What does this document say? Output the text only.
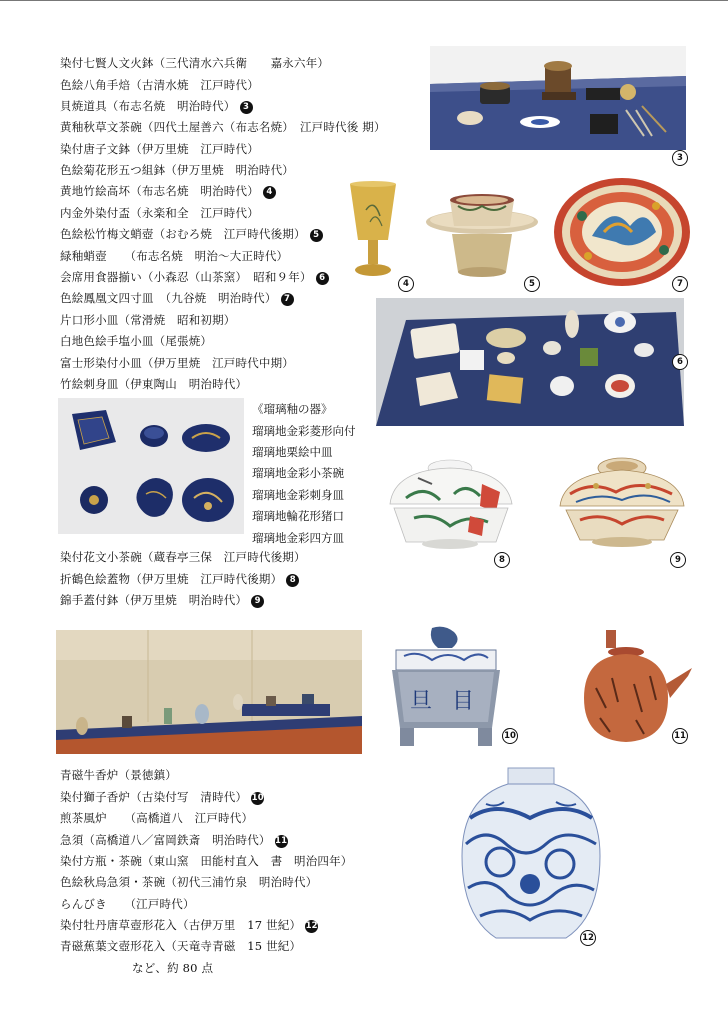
染付七賢人文火鉢（三代清水六兵衛　　嘉永六年）
色絵八角手焙（古清水焼　江戸時代）
貝焼道具（布志名焼　明治時代） 3
黄釉秋草文茶碗（四代土屋善六（布志名焼）　江戸時代後 期）
染付唐子文鉢（伊万里焼　江戸時代）
色絵菊花形五つ組鉢（伊万里焼　明治時代）
黄地竹絵高坏（布志名焼　明治時代） 4
内金外染付盃（永楽和全　江戸時代）
色絵松竹梅文蛸壺（おむろ焼　江戸時代後期） 5
緑釉蛸壺　　（布志名焼　明治～大正時代）
会席用食器揃い（小森忍（山茶窯）　昭和９年） 6
色絵鳳凰文四寸皿　（九谷焼　明治時代） 7
片口形小皿（常滑焼　昭和初期）
白地色絵手塩小皿（尾張焼）
富士形染付小皿（伊万里焼　江戸時代中期）
竹絵刺身皿（伊東陶山　明治時代）
3
4	5	7
6
《瑠璃釉の器》
瑠璃地金彩菱形向付
瑠璃地栗絵中皿
瑠璃地金彩小茶碗
瑠璃地金彩刺身皿
瑠璃地輪花形猪口
瑠璃地金彩四方皿
8	9
染付花文小茶碗（蔵春亭三保　江戸時代後期）
折鶴色絵蓋物（伊万里焼　江戸時代後期） 8
錦手蓋付鉢（伊万里焼　明治時代） 9
旦 目
10	11
青磁牛香炉（景徳鎮）
染付獅子香炉（古染付写　清時代） 10
煎茶風炉　　（高橋道八　江戸時代）
急須（高橋道八／富岡鉄斎　明治時代） 11
染付方瓶・茶碗（東山窯　田能村直入　書　明治四年）
色絵秋烏急須・茶碗（初代三浦竹泉　明治時代）
らんびき　　（江戸時代）
染付牡丹唐草壺形花入（古伊万里　17 世紀） 12
青磁蕉葉文壺形花入（天竜寺青磁　15 世紀）
など、約 80 点
12
